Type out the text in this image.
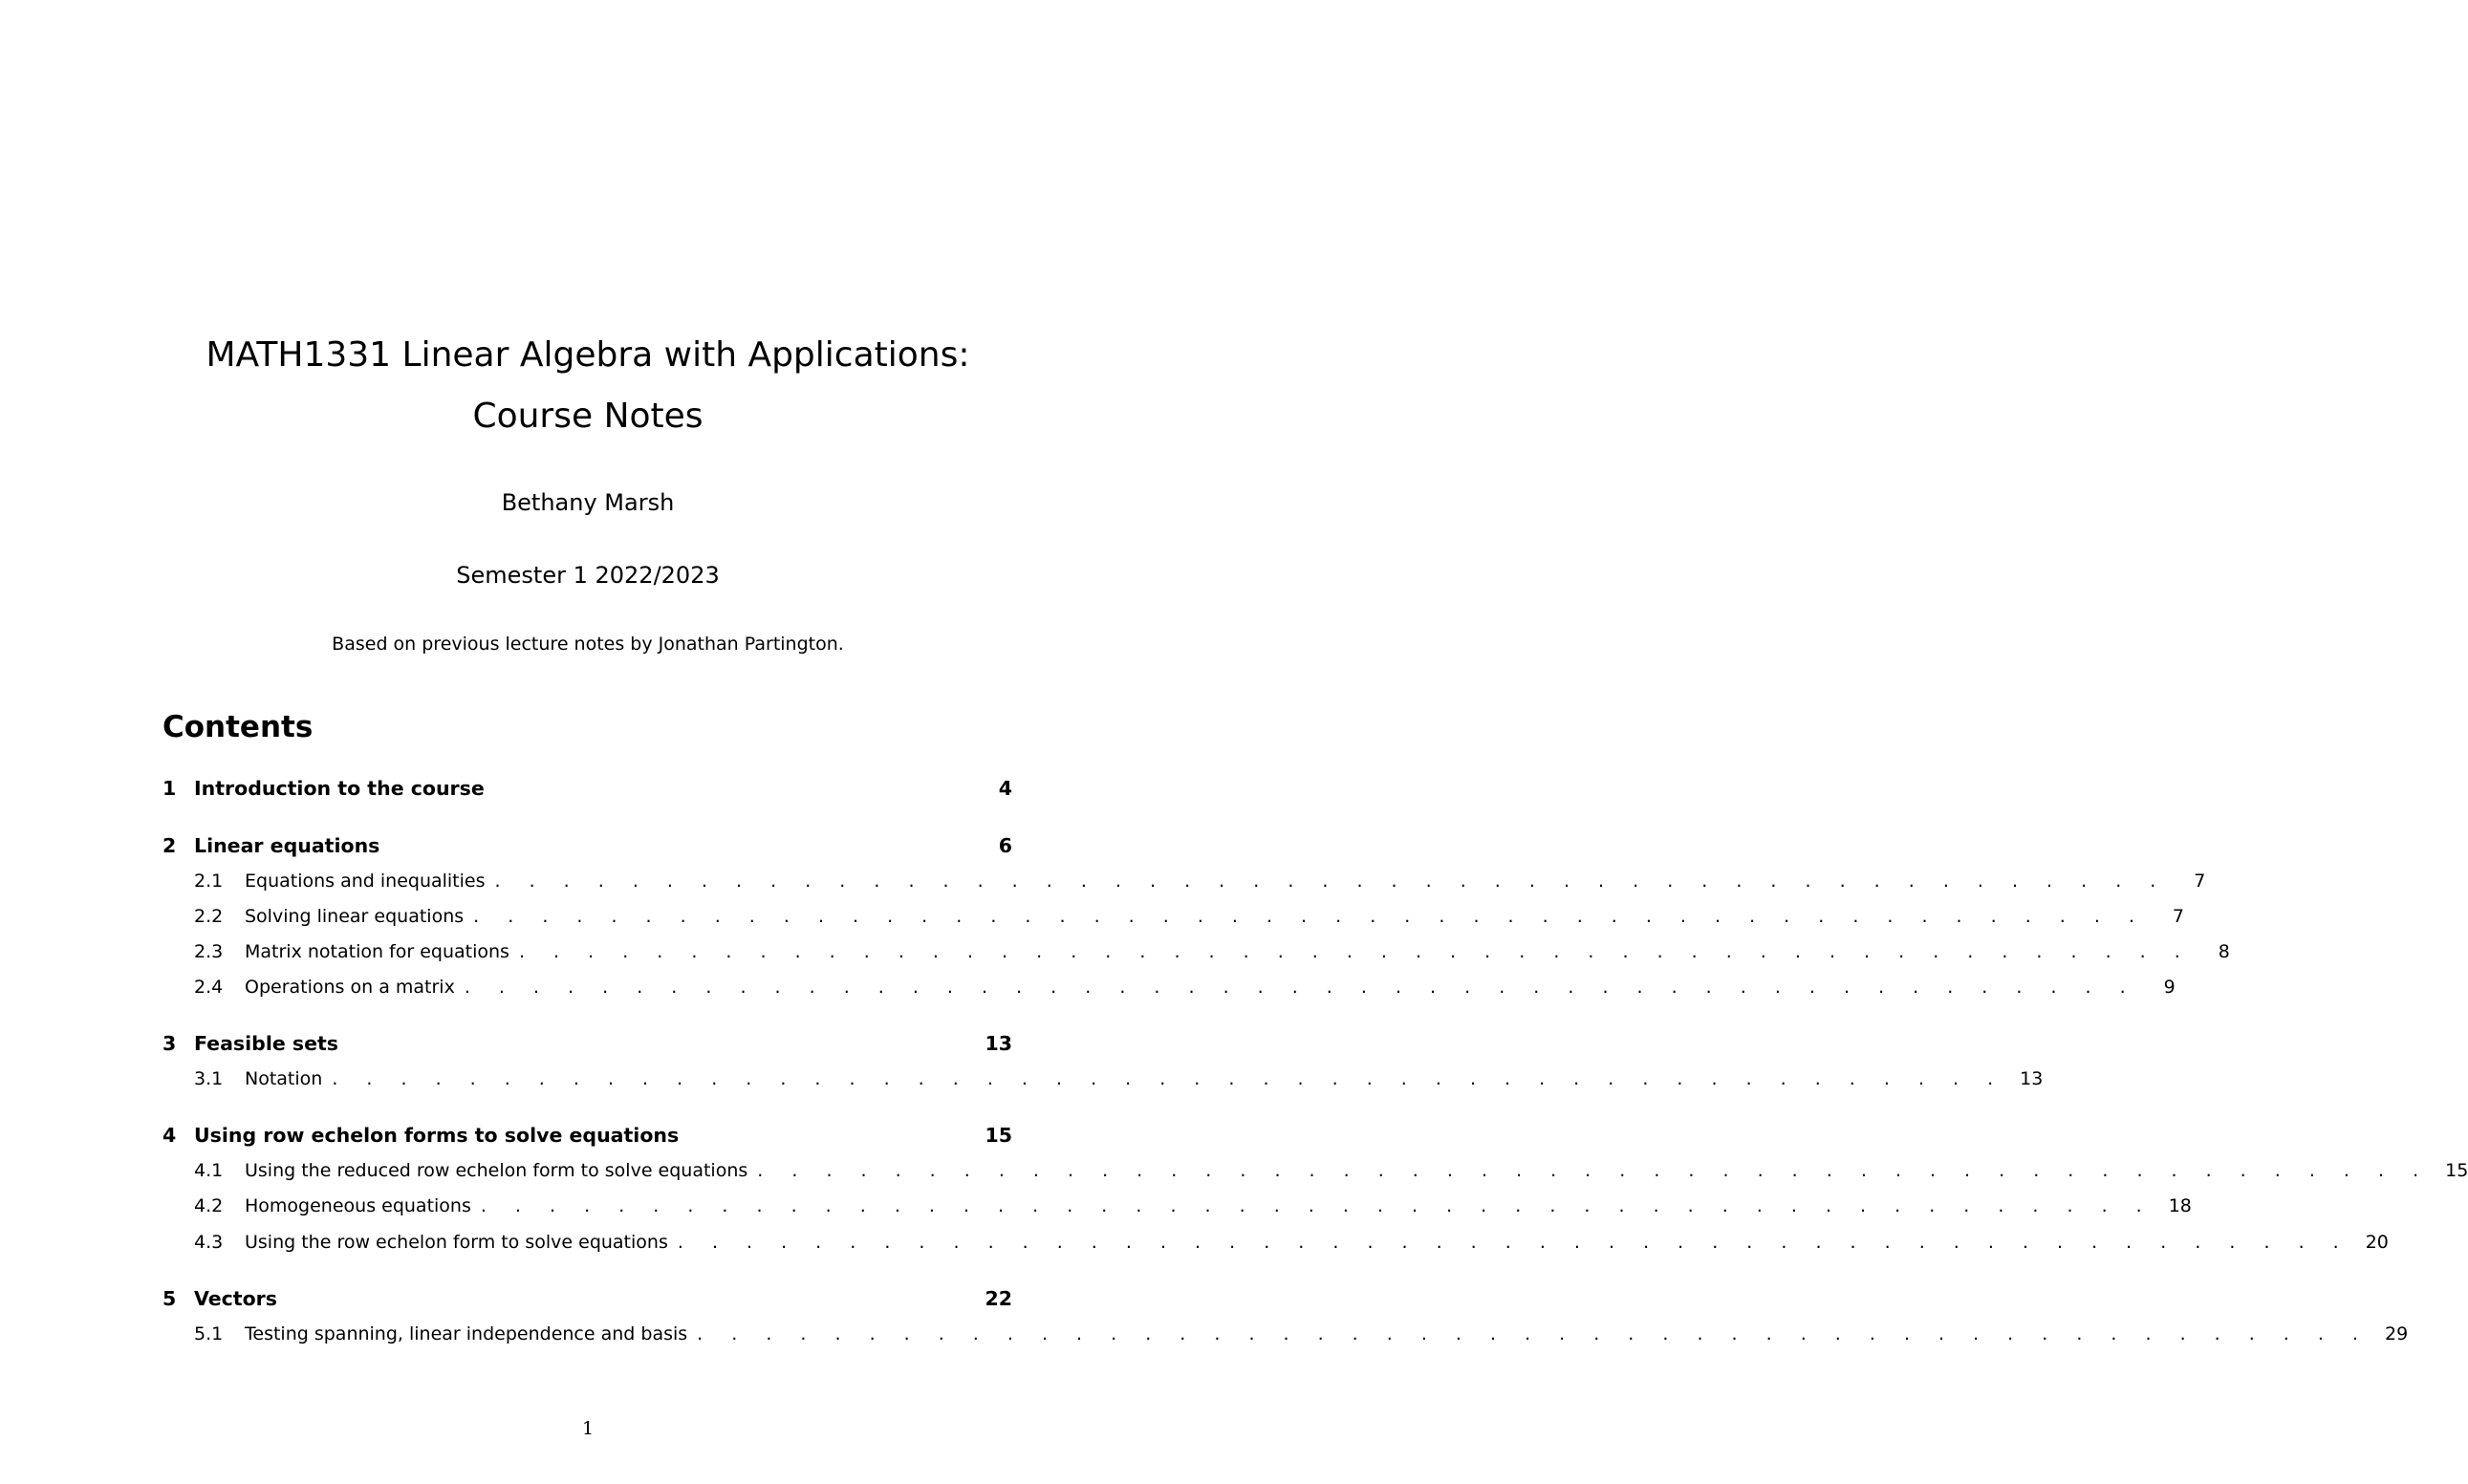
MATH1331 Linear Algebra with Applications: Course Notes
Bethany Marsh
Semester 1 2022/2023
Based on previous lecture notes by Jonathan Partington.
Contents
1 Introduction to the course	4
2 Linear equations	6
2.1	Equations and inequalities . . . . . . . . . . . . . . . . . . . . . . . . . . . . . . . . . . . . . . . . . . . . . . . . .	7
2.2	Solving linear equations . . . . . . . . . . . . . . . . . . . . . . . . . . . . . . . . . . . . . . . . . . . . . . . . .	7
2.3	Matrix notation for equations . . . . . . . . . . . . . . . . . . . . . . . . . . . . . . . . . . . . . . . . . . . . . . . . .	8
2.4	Operations on a matrix . . . . . . . . . . . . . . . . . . . . . . . . . . . . . . . . . . . . . . . . . . . . . . . . .	9
3 Feasible sets	13
3.1	Notation . . . . . . . . . . . . . . . . . . . . . . . . . . . . . . . . . . . . . . . . . . . . . . . . . 13
4 Using row echelon forms to solve equations	15
4.1	Using the reduced row echelon form to solve equations . . . . . . . . . . . . . . . . . . . . . . . . . . . . . . . . . . . . . . . . . . . . . . . . . 15
4.2	Homogeneous equations . . . . . . . . . . . . . . . . . . . . . . . . . . . . . . . . . . . . . . . . . . . . . . . . . 18
4.3	Using the row echelon form to solve equations . . . . . . . . . . . . . . . . . . . . . . . . . . . . . . . . . . . . . . . . . . . . . . . . . 20
5 Vectors	22
5.1	Testing spanning, linear independence and basis . . . . . . . . . . . . . . . . . . . . . . . . . . . . . . . . . . . . . . . . . . . . . . . . . 29
1
